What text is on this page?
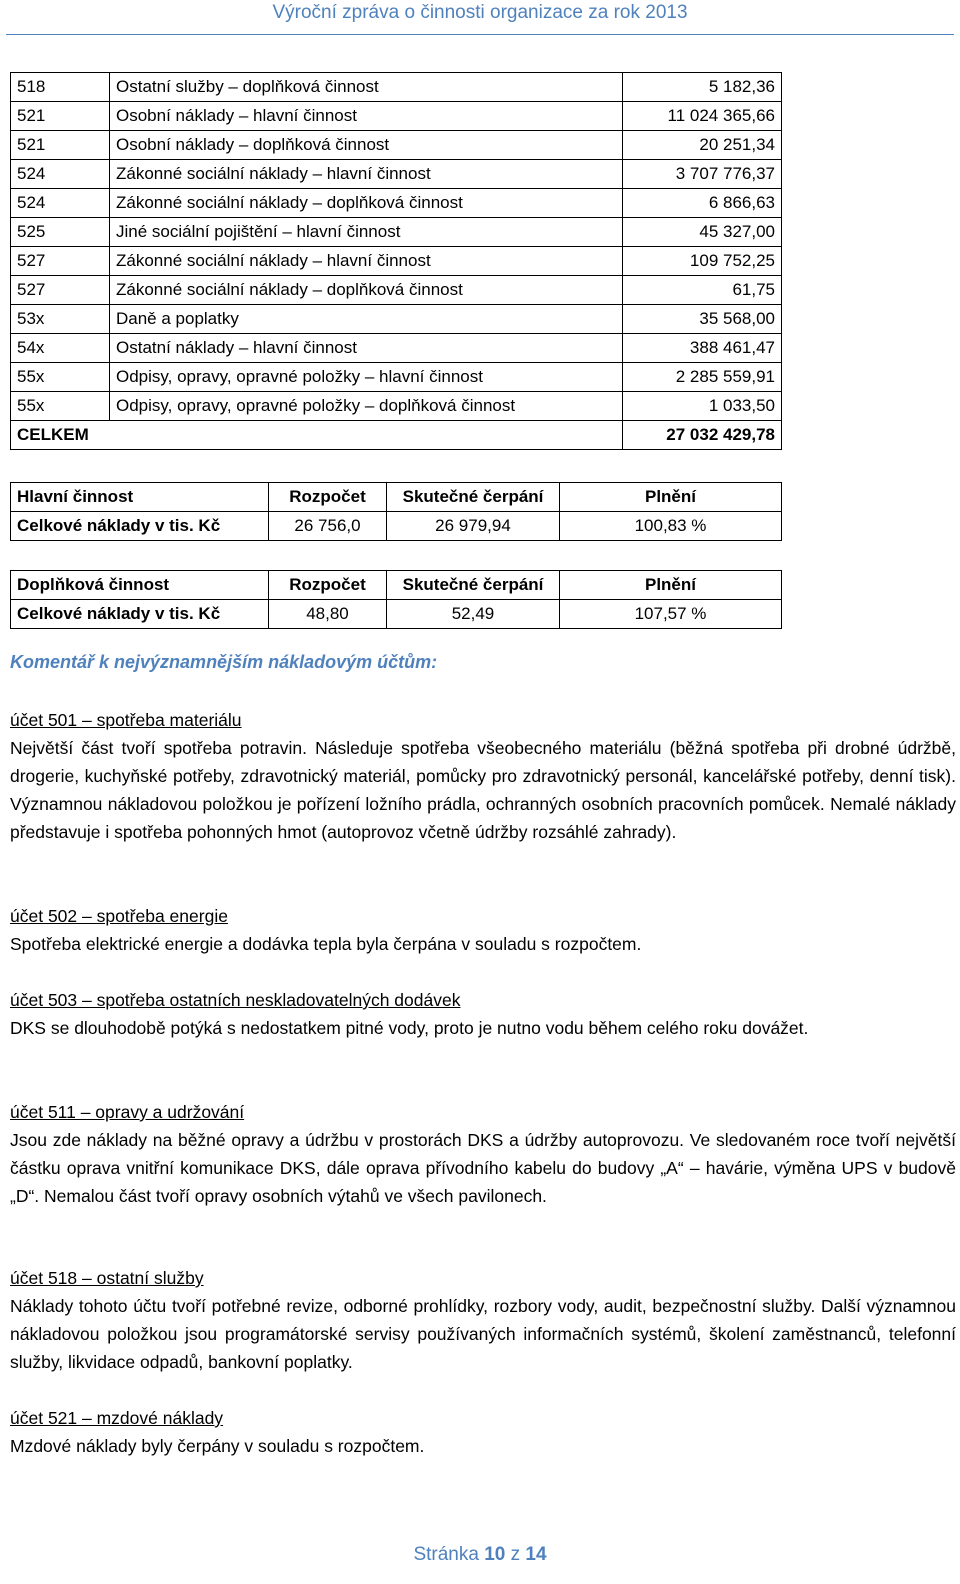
Výroční zpráva o činnosti organizace za rok 2013
518	Ostatní služby – doplňková činnost	5 182,36
521	Osobní náklady – hlavní činnost	11 024 365,66
521	Osobní náklady – doplňková činnost	20 251,34
524	Zákonné sociální náklady – hlavní činnost	3 707 776,37
524	Zákonné sociální náklady – doplňková činnost	6 866,63
525	Jiné sociální pojištění – hlavní činnost	45 327,00
527	Zákonné sociální náklady – hlavní činnost	109 752,25
527	Zákonné sociální náklady – doplňková činnost	61,75
53x	Daně a poplatky	35 568,00
54x	Ostatní náklady – hlavní činnost	388 461,47
55x	Odpisy, opravy, opravné položky – hlavní činnost	2 285 559,91
55x	Odpisy, opravy, opravné položky – doplňková činnost	1 033,50
CELKEM		27 032 429,78
Hlavní činnost	Rozpočet	Skutečné čerpání	Plnění
Celkové náklady v tis. Kč	26 756,0	26 979,94	100,83 %
Doplňková činnost	Rozpočet	Skutečné čerpání	Plnění
Celkové náklady v tis. Kč	48,80	52,49	107,57 %
Komentář k nejvýznamnějším nákladovým účtům:
účet 501 – spotřeba materiálu
Největší část tvoří spotřeba potravin. Následuje spotřeba všeobecného materiálu (běžná spotřeba při drobné údržbě, drogerie, kuchyňské potřeby, zdravotnický materiál, pomůcky pro zdravotnický personál, kancelářské potřeby, denní tisk). Významnou nákladovou položkou je pořízení ložního prádla, ochranných osobních pracovních pomůcek. Nemalé náklady představuje i spotřeba pohonných hmot (autoprovoz včetně údržby rozsáhlé zahrady).
účet 502 – spotřeba energie
Spotřeba elektrické energie a dodávka tepla byla čerpána v souladu s rozpočtem.
účet 503 – spotřeba ostatních neskladovatelných dodávek
DKS se dlouhodobě potýká s nedostatkem pitné vody, proto je nutno vodu během celého roku dovážet.
účet 511 – opravy a udržování
Jsou zde náklady na běžné opravy a údržbu v prostorách DKS a údržby autoprovozu. Ve sledovaném roce tvoří největší částku oprava vnitřní komunikace DKS, dále oprava přívodního kabelu do budovy „A“ – havárie, výměna UPS v budově „D“. Nemalou část tvoří opravy osobních výtahů ve všech pavilonech.
účet 518 – ostatní služby
Náklady tohoto účtu tvoří potřebné revize, odborné prohlídky, rozbory vody, audit, bezpečnostní služby. Další významnou nákladovou položkou jsou programátorské servisy používaných informačních systémů, školení zaměstnanců, telefonní služby, likvidace odpadů, bankovní poplatky.
účet 521 – mzdové náklady
Mzdové náklady byly čerpány v souladu s rozpočtem.
Stránka 10 z 14
